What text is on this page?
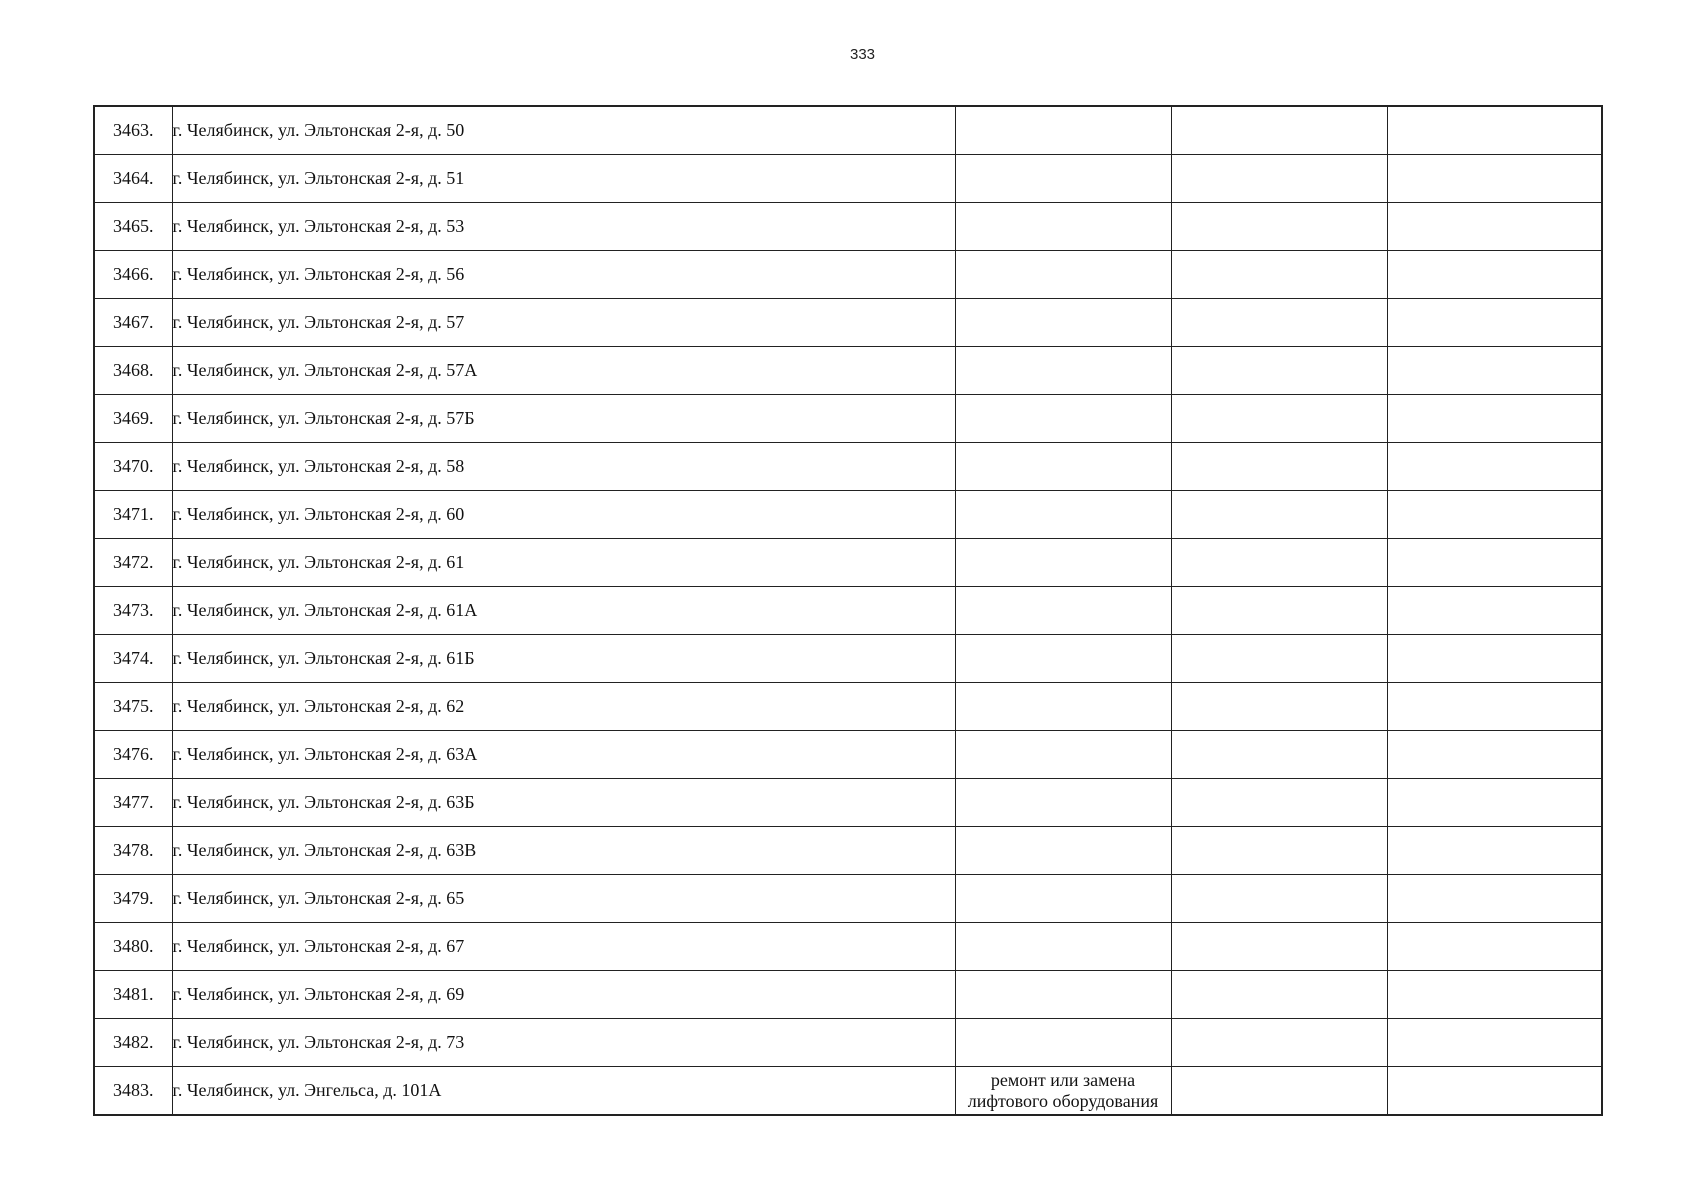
333
3463.	г. Челябинск, ул. Эльтонская 2-я, д. 50			
3464.	г. Челябинск, ул. Эльтонская 2-я, д. 51			
3465.	г. Челябинск, ул. Эльтонская 2-я, д. 53			
3466.	г. Челябинск, ул. Эльтонская 2-я, д. 56			
3467.	г. Челябинск, ул. Эльтонская 2-я, д. 57			
3468.	г. Челябинск, ул. Эльтонская 2-я, д. 57А			
3469.	г. Челябинск, ул. Эльтонская 2-я, д. 57Б			
3470.	г. Челябинск, ул. Эльтонская 2-я, д. 58			
3471.	г. Челябинск, ул. Эльтонская 2-я, д. 60			
3472.	г. Челябинск, ул. Эльтонская 2-я, д. 61			
3473.	г. Челябинск, ул. Эльтонская 2-я, д. 61А			
3474.	г. Челябинск, ул. Эльтонская 2-я, д. 61Б			
3475.	г. Челябинск, ул. Эльтонская 2-я, д. 62			
3476.	г. Челябинск, ул. Эльтонская 2-я, д. 63А			
3477.	г. Челябинск, ул. Эльтонская 2-я, д. 63Б			
3478.	г. Челябинск, ул. Эльтонская 2-я, д. 63В			
3479.	г. Челябинск, ул. Эльтонская 2-я, д. 65			
3480.	г. Челябинск, ул. Эльтонская 2-я, д. 67			
3481.	г. Челябинск, ул. Эльтонская 2-я, д. 69			
3482.	г. Челябинск, ул. Эльтонская 2-я, д. 73			
3483.	г. Челябинск, ул. Энгельса, д. 101А	ремонт или замена лифтового оборудования		
